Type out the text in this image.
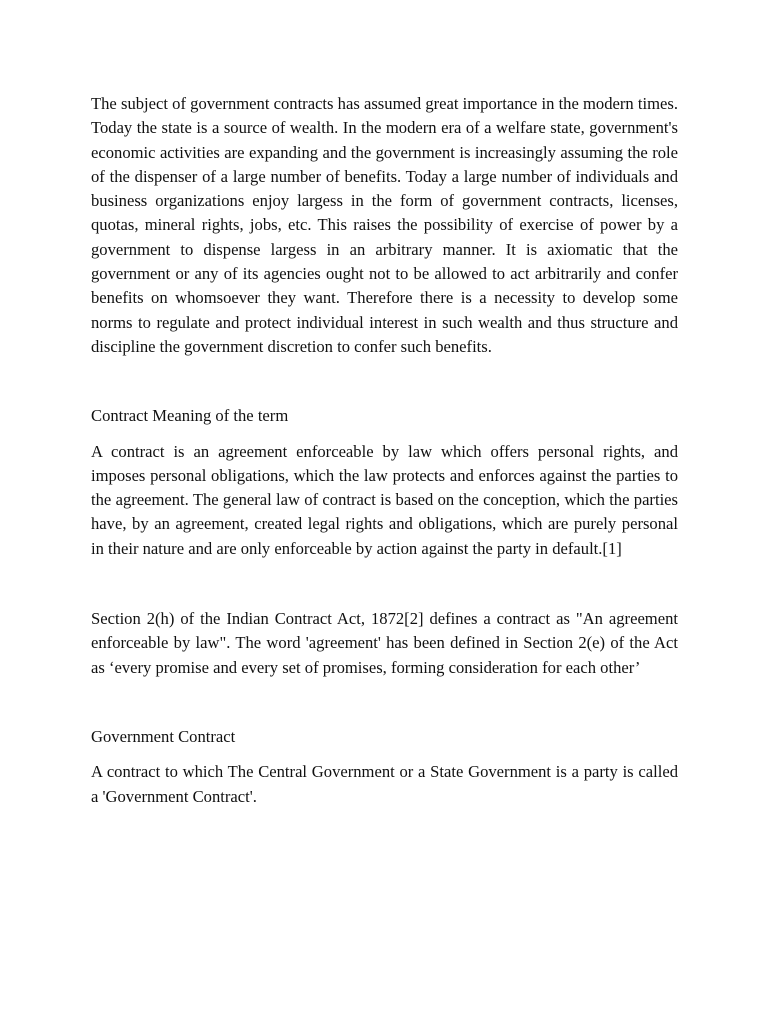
The subject of government contracts has assumed great importance in the modern times. Today the state is a source of wealth. In the modern era of a welfare state, government's economic activities are expanding and the government is increasingly assuming the role of the dispenser of a large number of benefits. Today a large number of individuals and business organizations enjoy largess in the form of government contracts, licenses, quotas, mineral rights, jobs, etc. This raises the possibility of exercise of power by a government to dispense largess in an arbitrary manner. It is axiomatic that the government or any of its agencies ought not to be allowed to act arbitrarily and confer benefits on whomsoever they want. Therefore there is a necessity to develop some norms to regulate and protect individual interest in such wealth and thus structure and discipline the government discretion to confer such benefits.

Contract Meaning of the term

A contract is an agreement enforceable by law which offers personal rights, and imposes personal obligations, which the law protects and enforces against the parties to the agreement. The general law of contract is based on the conception, which the parties have, by an agreement, created legal rights and obligations, which are purely personal in their nature and are only enforceable by action against the party in default.[1]

Section 2(h) of the Indian Contract Act, 1872[2] defines a contract as "An agreement enforceable by law". The word 'agreement' has been defined in Section 2(e) of the Act as ‘every promise and every set of promises, forming consideration for each other’

Government Contract

A contract to which The Central Government or a State Government is a party is called a 'Government Contract'.
